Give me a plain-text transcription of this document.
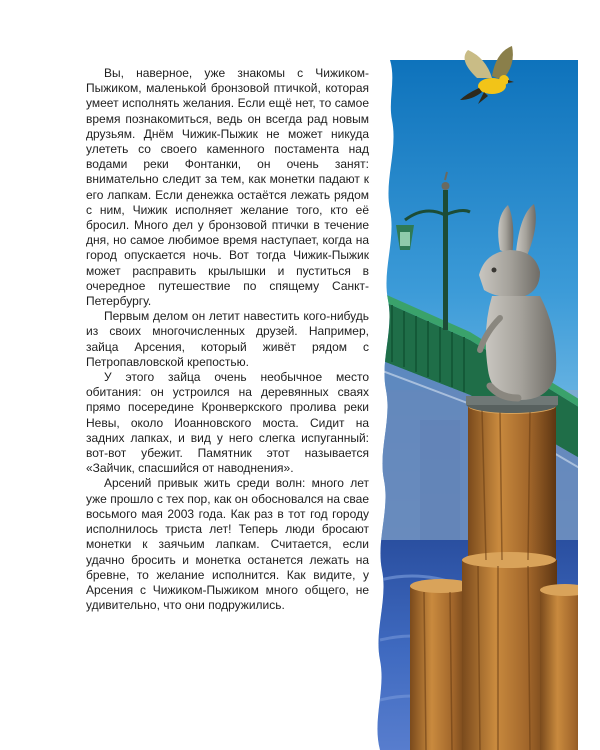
Вы, наверное, уже знакомы с Чижиком-Пыжиком, маленькой бронзовой птичкой, которая умеет исполнять желания. Если ещё нет, то самое время познакомиться, ведь он всегда рад новым друзьям. Днём Чижик-Пыжик не может никуда улететь со своего каменного постамента над водами реки Фонтанки, он очень занят: внимательно следит за тем, как монетки падают к его лапкам. Если денежка остаётся лежать рядом с ним, Чижик исполняет желание того, кто её бросил. Много дел у бронзовой птички в течение дня, но самое любимое время наступает, когда на город опускается ночь. Вот тогда Чижик-Пыжик может расправить крылышки и пуститься в очередное путешествие по спящему Санкт-Петербургу.

Первым делом он летит навестить кого-нибудь из своих многочисленных друзей. Например, зайца Арсения, который живёт рядом с Петропавловской крепостью.

У этого зайца очень необычное место обитания: он устроился на деревянных сваях прямо посередине Кронверкского пролива реки Невы, около Иоанновского моста. Сидит на задних лапках, и вид у него слегка испуганный: вот-вот убежит. Памятник этот называется «Зайчик, спасшийся от наводнения».

Арсений привык жить среди волн: много лет уже прошло с тех пор, как он обосновался на свае восьмого мая 2003 года. Как раз в тот год городу исполнилось триста лет! Теперь люди бросают монетки к заячьим лапкам. Считается, если удачно бросить и монетка останется лежать на бревне, то желание исполнится. Как видите, у Арсения с Чижиком-Пыжиком много общего, не удивительно, что они подружились.
